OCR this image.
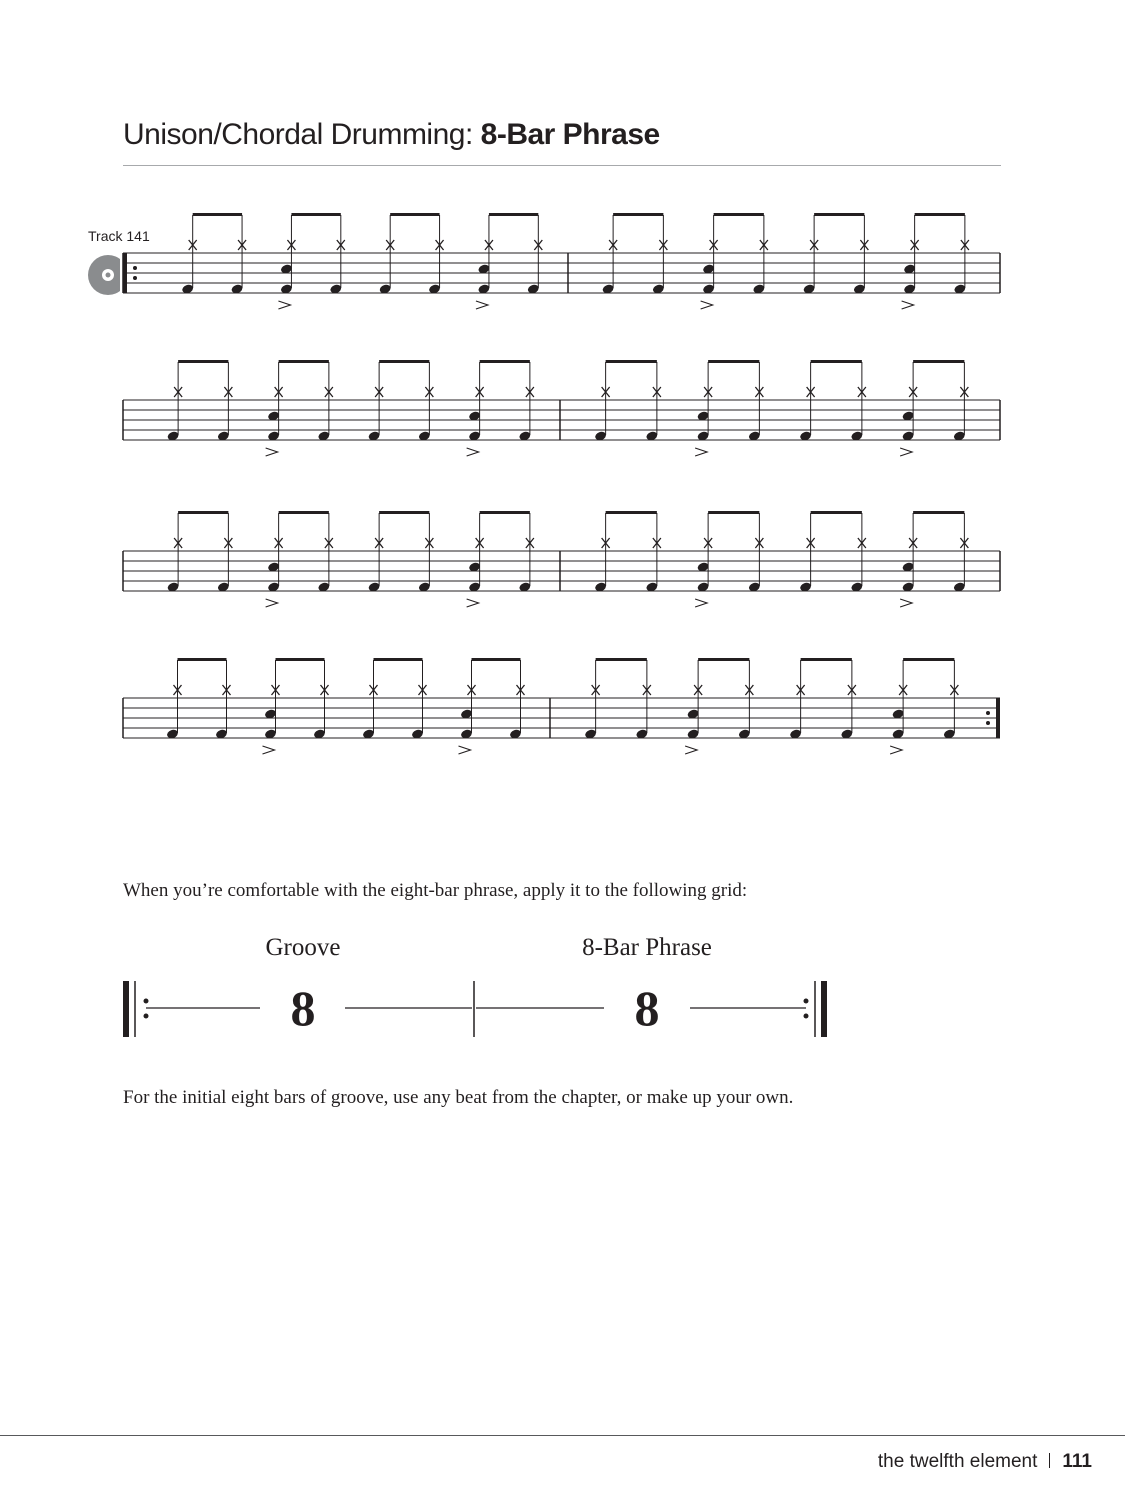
Unison/Chordal Drumming: 8-Bar Phrase
Track 141
When you’re comfortable with the eight-bar phrase, apply it to the following grid:
Groove	8-Bar Phrase
8	8
For the initial eight bars of groove, use any beat from the chapter, or make up your own.
the twelfth element 111
